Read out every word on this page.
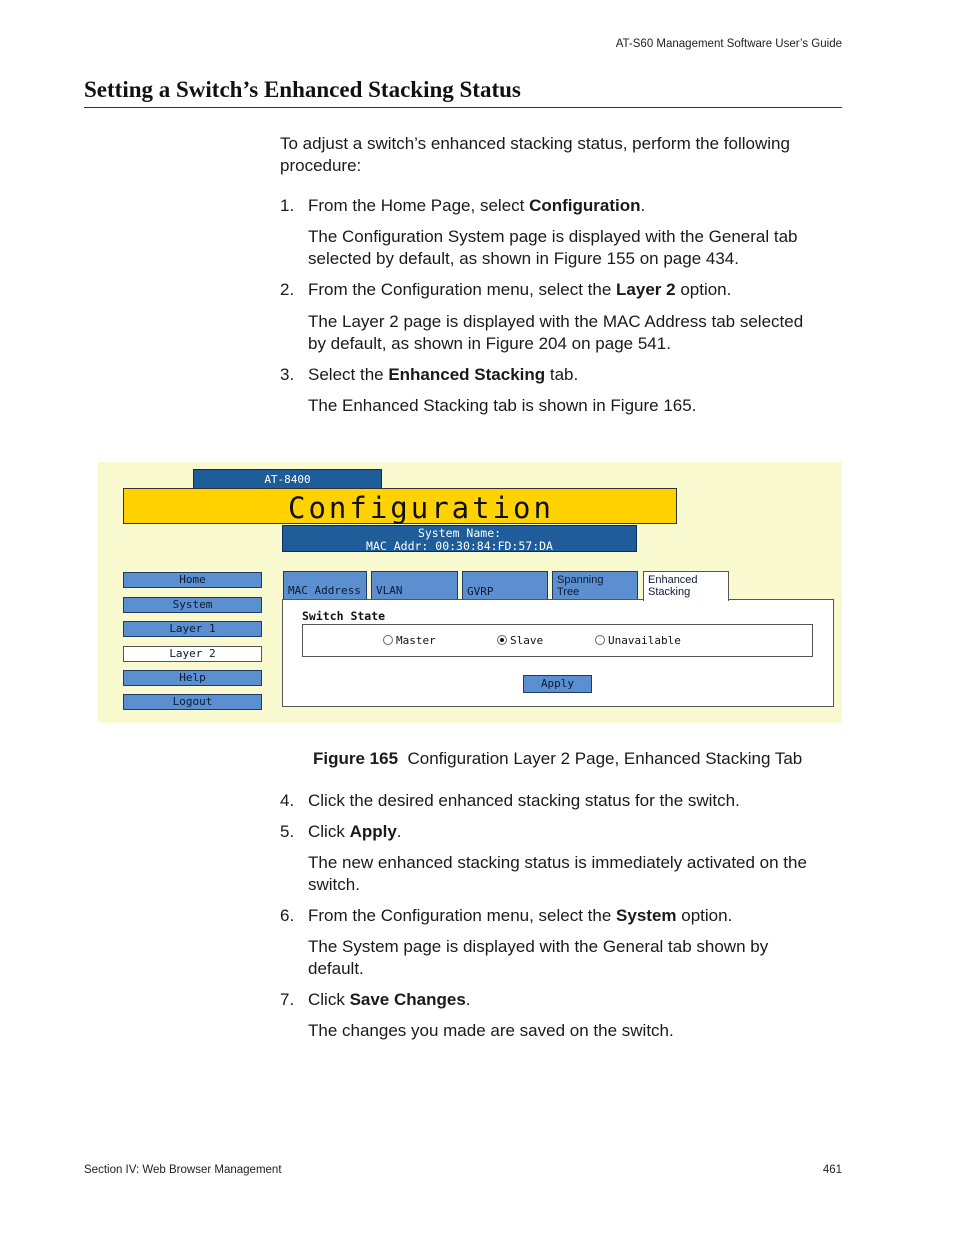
AT-S60 Management Software User’s Guide
Setting a Switch’s Enhanced Stacking Status
To adjust a switch’s enhanced stacking status, perform the following procedure:
1. From the Home Page, select Configuration.
The Configuration System page is displayed with the General tab selected by default, as shown in Figure 155 on page 434.
2. From the Configuration menu, select the Layer 2 option.
The Layer 2 page is displayed with the MAC Address tab selected by default, as shown in Figure 204 on page 541.
3. Select the Enhanced Stacking tab.
The Enhanced Stacking tab is shown in Figure 165.
AT-8400
Configuration
System Name:
MAC Addr: 00:30:84:FD:57:DA
Home
System
Layer 1
Layer 2
Help
Logout
MAC Address	VLAN	GVRP
Spanning
Tree
Enhanced
Stacking
Switch State
Master	Slave	Unavailable
Apply
Figure 165 Configuration Layer 2 Page, Enhanced Stacking Tab
4. Click the desired enhanced stacking status for the switch.
5. Click Apply.
The new enhanced stacking status is immediately activated on the switch.
6. From the Configuration menu, select the System option.
The System page is displayed with the General tab shown by default.
7. Click Save Changes.
The changes you made are saved on the switch.
Section IV: Web Browser Management	461
